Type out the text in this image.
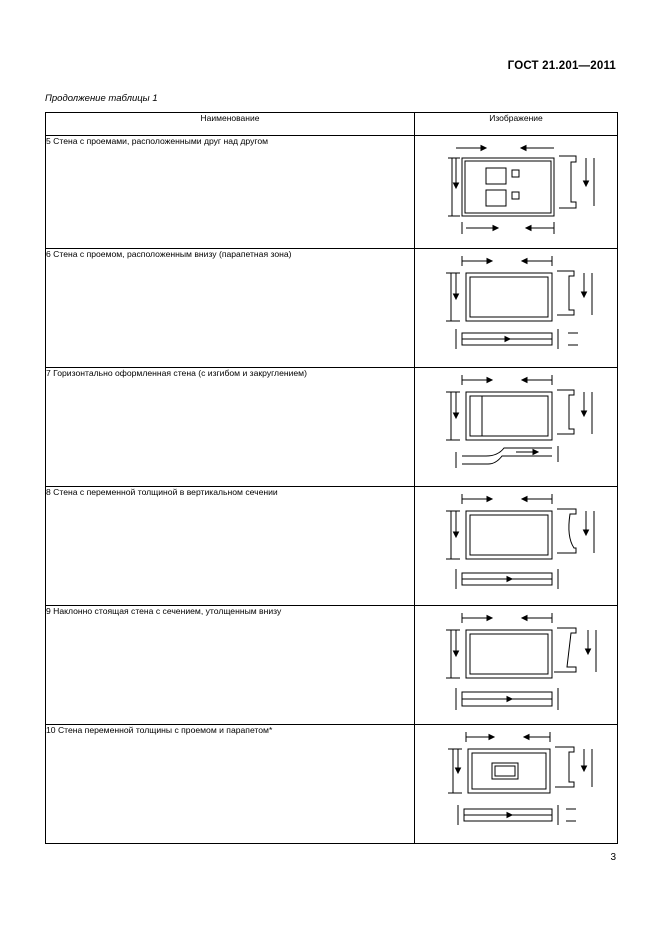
ГОСТ 21.201—2011
Продолжение таблицы 1
Наименование	Изображение
5 Стена с проемами, расположенными друг над другом	

6 Стена с проемом, расположенным внизу (парапетная зона)	

7 Горизонтально оформленная стена (с изгибом и закруглением)	

8 Стена с переменной толщиной в вертикальном сечении	

9 Наклонно стоящая стена с сечением, утолщенным внизу	

10 Стена переменной толщины с проемом и парапетом*	
3
